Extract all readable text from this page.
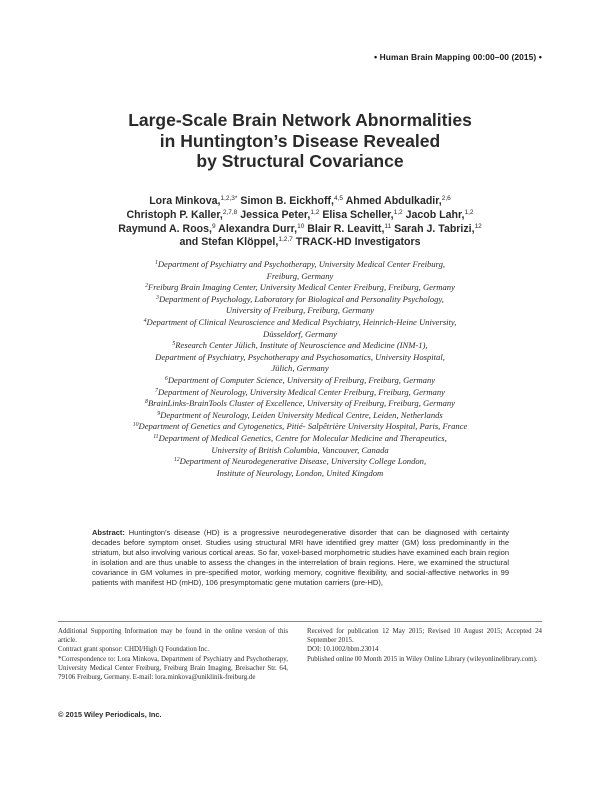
• Human Brain Mapping 00:00–00 (2015) •
Large-Scale Brain Network Abnormalities
in Huntington’s Disease Revealed
by Structural Covariance
Lora Minkova,$^{1,2,3*}$ Simon B. Eickhoff,$^{4,5}$ Ahmed Abdulkadir,$^{2,6}$
Christoph P. Kaller,$^{2,7,8}$ Jessica Peter,$^{1,2}$ Elisa Scheller,$^{1,2}$ Jacob Lahr,$^{1,2}$
Raymund A. Roos,$^9$ Alexandra Durr,$^{10}$ Blair R. Leavitt,$^{11}$ Sarah J. Tabrizi,$^{12}$
and Stefan Klöppel,$^{1,2,7}$ TRACK-HD Investigators
$^1$Department of Psychiatry and Psychotherapy, University Medical Center Freiburg,
Freiburg, Germany
$^2$Freiburg Brain Imaging Center, University Medical Center Freiburg, Freiburg, Germany
$^3$Department of Psychology, Laboratory for Biological and Personality Psychology,
University of Freiburg, Freiburg, Germany
$^4$Department of Clinical Neuroscience and Medical Psychiatry, Heinrich-Heine University,
Düsseldorf, Germany
$^5$Research Center Jülich, Institute of Neuroscience and Medicine (INM-1),
Department of Psychiatry, Psychotherapy and Psychosomatics, University Hospital,
Jülich, Germany
$^6$Department of Computer Science, University of Freiburg, Freiburg, Germany
$^7$Department of Neurology, University Medical Center Freiburg, Freiburg, Germany
$^8$BrainLinks-BrainTools Cluster of Excellence, University of Freiburg, Freiburg, Germany
$^9$Department of Neurology, Leiden University Medical Centre, Leiden, Netherlands
$^{10}$Department of Genetics and Cytogenetics, Pitié- Salpêtrière University Hospital, Paris, France
$^{11}$Department of Medical Genetics, Centre for Molecular Medicine and Therapeutics,
University of British Columbia, Vancouver, Canada
$^{12}$Department of Neurodegenerative Disease, University College London,
Institute of Neurology, London, United Kingdom
Abstract: Huntington’s disease (HD) is a progressive neurodegenerative disorder that can be diagnosed with certainty decades before symptom onset. Studies using structural MRI have identified grey matter (GM) loss predominantly in the striatum, but also involving various cortical areas. So far, voxel-based morphometric studies have examined each brain region in isolation and are thus unable to assess the changes in the interrelation of brain regions. Here, we examined the structural covariance in GM volumes in pre-specified motor, working memory, cognitive flexibility, and social-affective networks in 99 patients with manifest HD (mHD), 106 presymptomatic gene mutation carriers (pre-HD),

Additional Supporting Information may be found in the online version of this article.

Contract grant sponsor: CHDI/High Q Foundation Inc.

*Correspondence to: Lora Minkova, Department of Psychiatry and Psychotherapy, University Medical Center Freiburg, Freiburg Brain Imaging, Breisacher Str. 64, 79106 Freiburg, Germany. E-mail: lora.minkova@uniklinik-freiburg.de

Received for publication 12 May 2015; Revised 10 August 2015; Accepted 24 September 2015.

DOI: 10.1002/hbm.23014

Published online 00 Month 2015 in Wiley Online Library (wileyonlinelibrary.com).

© 2015 Wiley Periodicals, Inc.
